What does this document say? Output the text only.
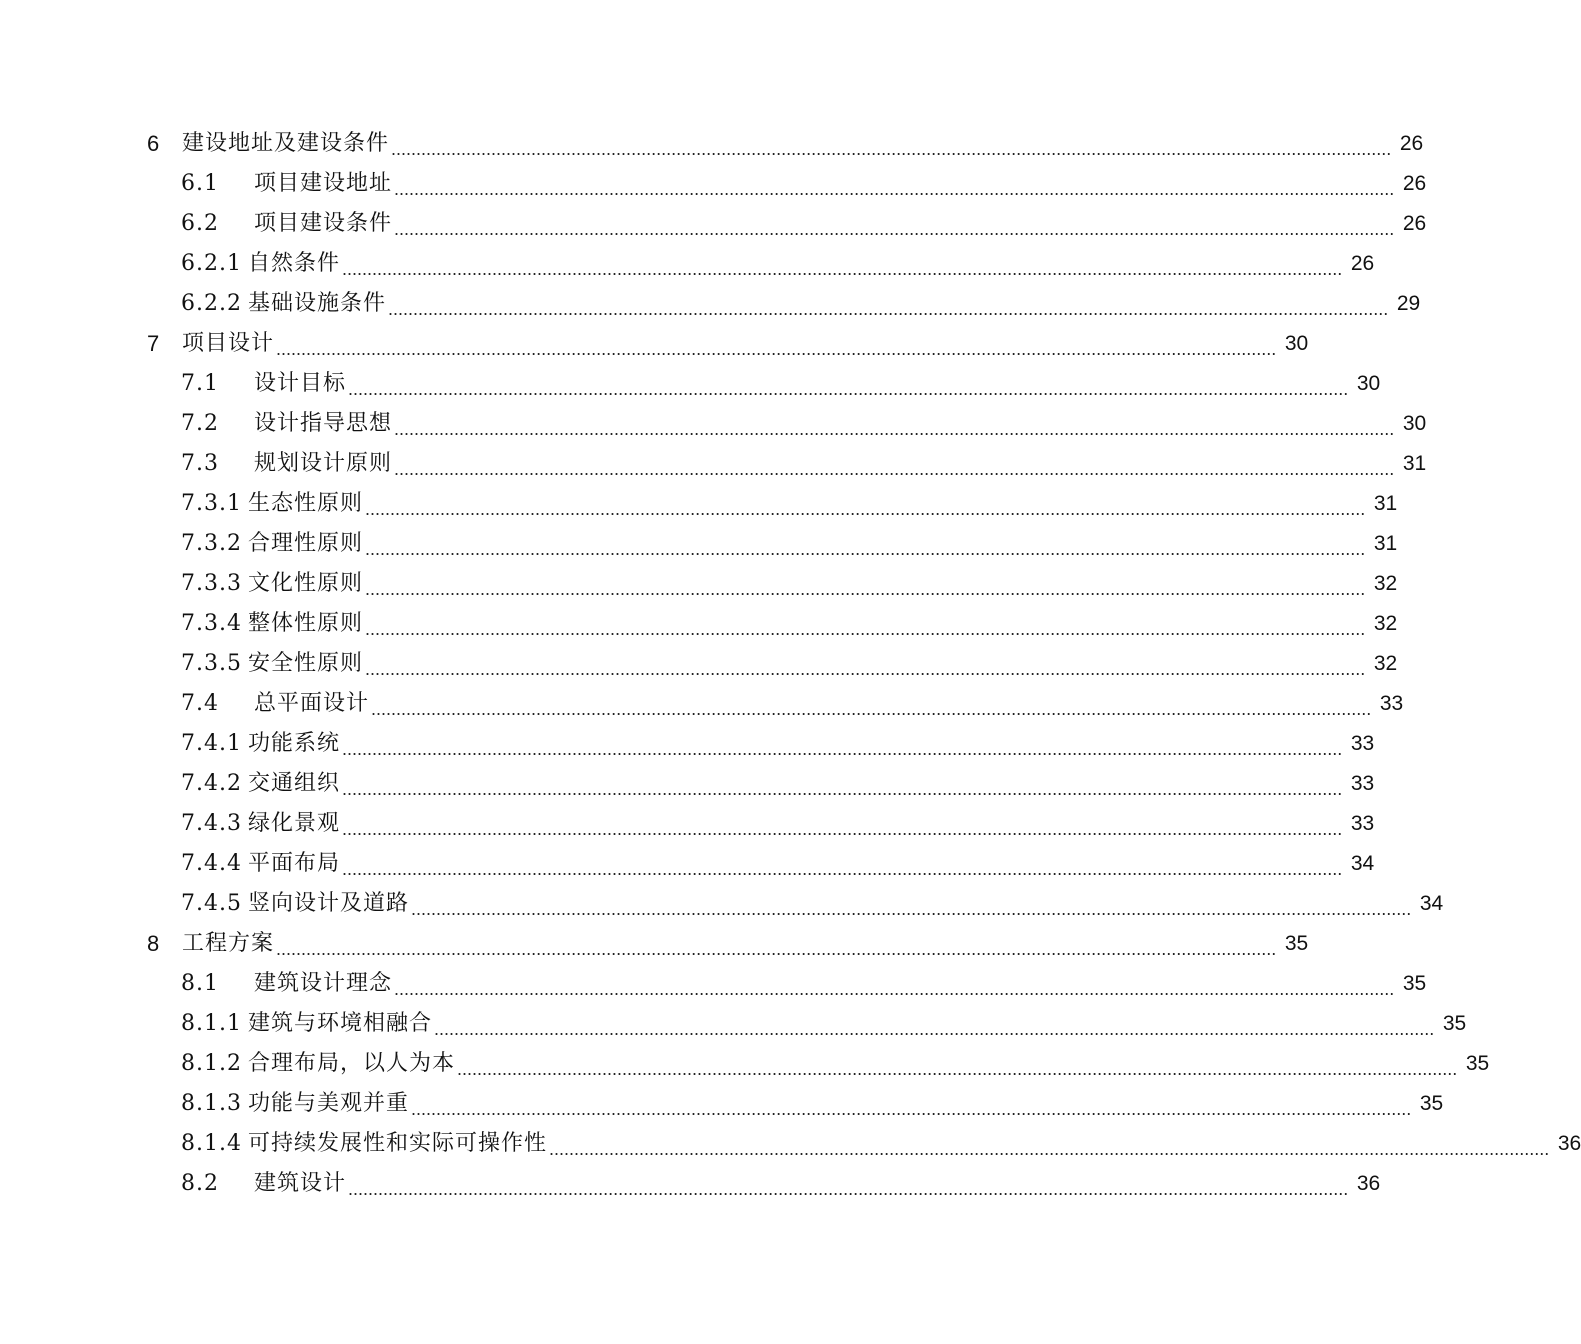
6 建设地址及建设条件 ........................................................................................................................................................................................................ 26
6.1	项目建设地址 ........................................................................................................................................................................................................ 26
6.2	项目建设条件 ........................................................................................................................................................................................................ 26
6.2.1 自然条件 ........................................................................................................................................................................................................ 26
6.2.2 基础设施条件 ........................................................................................................................................................................................................ 29
7 项目设计 ........................................................................................................................................................................................................ 30
7.1	设计目标 ........................................................................................................................................................................................................ 30
7.2	设计指导思想 ........................................................................................................................................................................................................ 30
7.3	规划设计原则 ........................................................................................................................................................................................................ 31
7.3.1 生态性原则 ........................................................................................................................................................................................................ 31
7.3.2 合理性原则 ........................................................................................................................................................................................................ 31
7.3.3 文化性原则 ........................................................................................................................................................................................................ 32
7.3.4 整体性原则 ........................................................................................................................................................................................................ 32
7.3.5 安全性原则 ........................................................................................................................................................................................................ 32
7.4	总平面设计 ........................................................................................................................................................................................................ 33
7.4.1 功能系统 ........................................................................................................................................................................................................ 33
7.4.2 交通组织 ........................................................................................................................................................................................................ 33
7.4.3 绿化景观 ........................................................................................................................................................................................................ 33
7.4.4 平面布局 ........................................................................................................................................................................................................ 34
7.4.5 竖向设计及道路 ........................................................................................................................................................................................................ 34
8 工程方案 ........................................................................................................................................................................................................ 35
8.1	建筑设计理念 ........................................................................................................................................................................................................ 35
8.1.1 建筑与环境相融合 ........................................................................................................................................................................................................ 35
8.1.2 合理布局，以人为本 ........................................................................................................................................................................................................ 35
8.1.3 功能与美观并重 ........................................................................................................................................................................................................ 35
8.1.4 可持续发展性和实际可操作性 ........................................................................................................................................................................................................ 36
8.2	建筑设计 ........................................................................................................................................................................................................ 36
